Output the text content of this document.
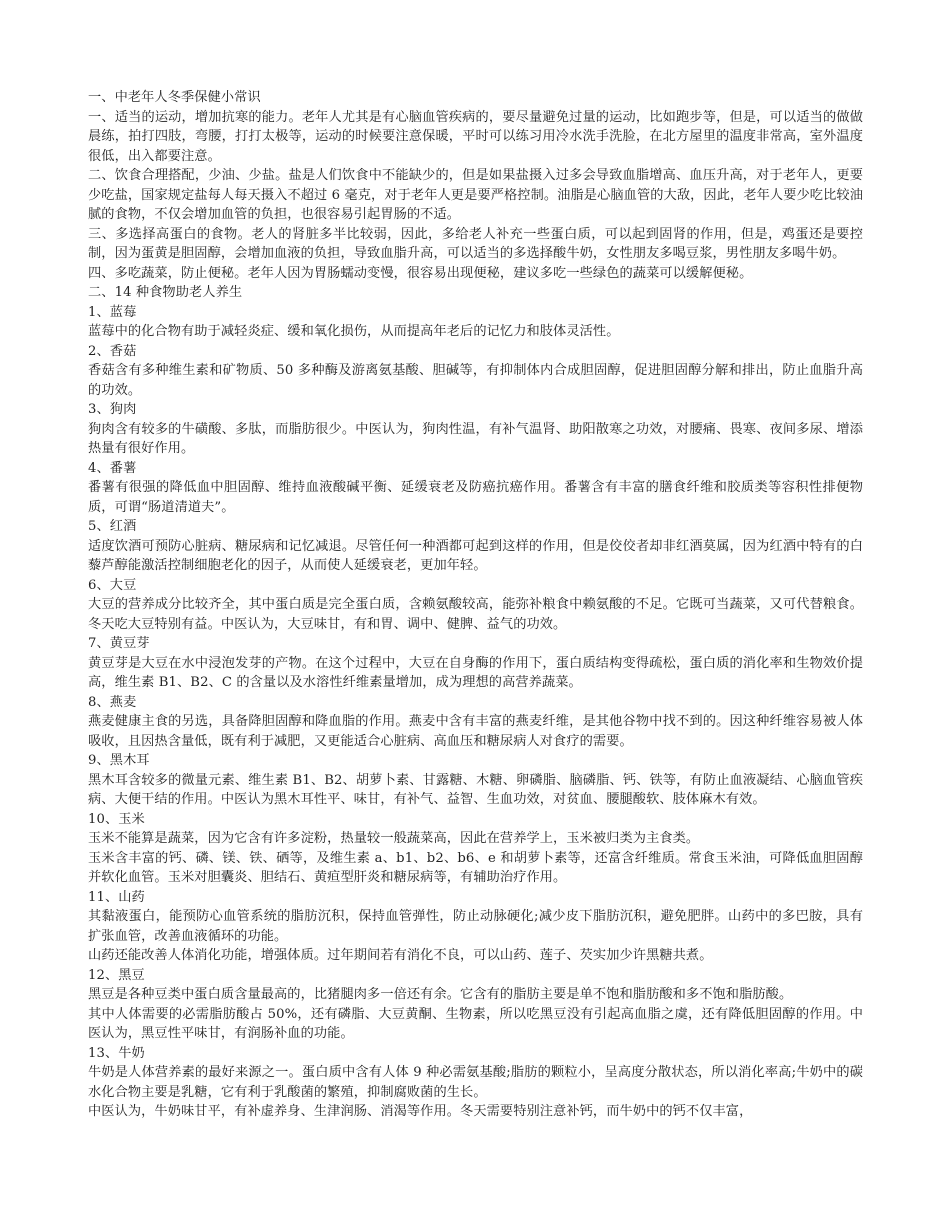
一、中老年人冬季保健小常识
一、适当的运动，增加抗寒的能力。老年人尤其是有心脑血管疾病的，要尽量避免过量的运动，比如跑步等，但是，可以适当的做做晨练，拍打四肢，弯腰，打打太极等，运动的时候要注意保暖，平时可以练习用冷水洗手洗脸，在北方屋里的温度非常高，室外温度很低，出入都要注意。
二、饮食合理搭配，少油、少盐。盐是人们饮食中不能缺少的，但是如果盐摄入过多会导致血脂增高、血压升高，对于老年人，更要少吃盐，国家规定盐每人每天摄入不超过 6 毫克，对于老年人更是要严格控制。油脂是心脑血管的大敌，因此，老年人要少吃比较油腻的食物，不仅会增加血管的负担，也很容易引起胃肠的不适。
三、多选择高蛋白的食物。老人的肾脏多半比较弱，因此，多给老人补充一些蛋白质，可以起到固肾的作用，但是，鸡蛋还是要控制，因为蛋黄是胆固醇，会增加血液的负担，导致血脂升高，可以适当的多选择酸牛奶，女性朋友多喝豆浆，男性朋友多喝牛奶。
四、多吃蔬菜，防止便秘。老年人因为胃肠蠕动变慢，很容易出现便秘，建议多吃一些绿色的蔬菜可以缓解便秘。
二、14 种食物助老人养生
1、蓝莓
蓝莓中的化合物有助于减轻炎症、缓和氧化损伤，从而提高年老后的记忆力和肢体灵活性。
2、香菇
香菇含有多种维生素和矿物质、50 多种酶及游离氨基酸、胆碱等，有抑制体内合成胆固醇，促进胆固醇分解和排出，防止血脂升高的功效。
3、狗肉
狗肉含有较多的牛磺酸、多肽，而脂肪很少。中医认为，狗肉性温，有补气温肾、助阳散寒之功效，对腰痛、畏寒、夜间多尿、增添热量有很好作用。
4、番薯
番薯有很强的降低血中胆固醇、维持血液酸碱平衡、延缓衰老及防癌抗癌作用。番薯含有丰富的膳食纤维和胶质类等容积性排便物质，可谓“肠道清道夫”。
5、红酒
适度饮酒可预防心脏病、糖尿病和记忆减退。尽管任何一种酒都可起到这样的作用，但是佼佼者却非红酒莫属，因为红酒中特有的白藜芦醇能激活控制细胞老化的因子，从而使人延缓衰老，更加年轻。
6、大豆
大豆的营养成分比较齐全，其中蛋白质是完全蛋白质，含赖氨酸较高，能弥补粮食中赖氨酸的不足。它既可当蔬菜，又可代替粮食。冬天吃大豆特别有益。中医认为，大豆味甘，有和胃、调中、健脾、益气的功效。
7、黄豆芽
黄豆芽是大豆在水中浸泡发芽的产物。在这个过程中，大豆在自身酶的作用下，蛋白质结构变得疏松，蛋白质的消化率和生物效价提高，维生素 B1、B2、C 的含量以及水溶性纤维素量增加，成为理想的高营养蔬菜。
8、燕麦
燕麦健康主食的另选，具备降胆固醇和降血脂的作用。燕麦中含有丰富的燕麦纤维，是其他谷物中找不到的。因这种纤维容易被人体吸收，且因热含量低，既有利于减肥，又更能适合心脏病、高血压和糖尿病人对食疗的需要。
9、黑木耳
黑木耳含较多的微量元素、维生素 B1、B2、胡萝卜素、甘露糖、木糖、卵磷脂、脑磷脂、钙、铁等，有防止血液凝结、心脑血管疾病、大便干结的作用。中医认为黑木耳性平、味甘，有补气、益智、生血功效，对贫血、腰腿酸软、肢体麻木有效。
10、玉米
玉米不能算是蔬菜，因为它含有许多淀粉，热量较一般蔬菜高，因此在营养学上，玉米被归类为主食类。
玉米含丰富的钙、磷、镁、铁、硒等，及维生素 a、b1、b2、b6、e 和胡萝卜素等，还富含纤维质。常食玉米油，可降低血胆固醇并软化血管。玉米对胆囊炎、胆结石、黄疸型肝炎和糖尿病等，有辅助治疗作用。
11、山药
其黏液蛋白，能预防心血管系统的脂肪沉积，保持血管弹性，防止动脉硬化;减少皮下脂肪沉积，避免肥胖。山药中的多巴胺，具有扩张血管，改善血液循环的功能。
山药还能改善人体消化功能，增强体质。过年期间若有消化不良，可以山药、莲子、芡实加少许黑糖共煮。
12、黑豆
黑豆是各种豆类中蛋白质含量最高的，比猪腿肉多一倍还有余。它含有的脂肪主要是单不饱和脂肪酸和多不饱和脂肪酸。
其中人体需要的必需脂肪酸占 50%，还有磷脂、大豆黄酮、生物素，所以吃黑豆没有引起高血脂之虞，还有降低胆固醇的作用。中医认为，黑豆性平味甘，有润肠补血的功能。
13、牛奶
牛奶是人体营养素的最好来源之一。蛋白质中含有人体 9 种必需氨基酸;脂肪的颗粒小，呈高度分散状态，所以消化率高;牛奶中的碳水化合物主要是乳糖，它有利于乳酸菌的繁殖，抑制腐败菌的生长。
中医认为，牛奶味甘平，有补虚养身、生津润肠、消渴等作用。冬天需要特别注意补钙，而牛奶中的钙不仅丰富，
